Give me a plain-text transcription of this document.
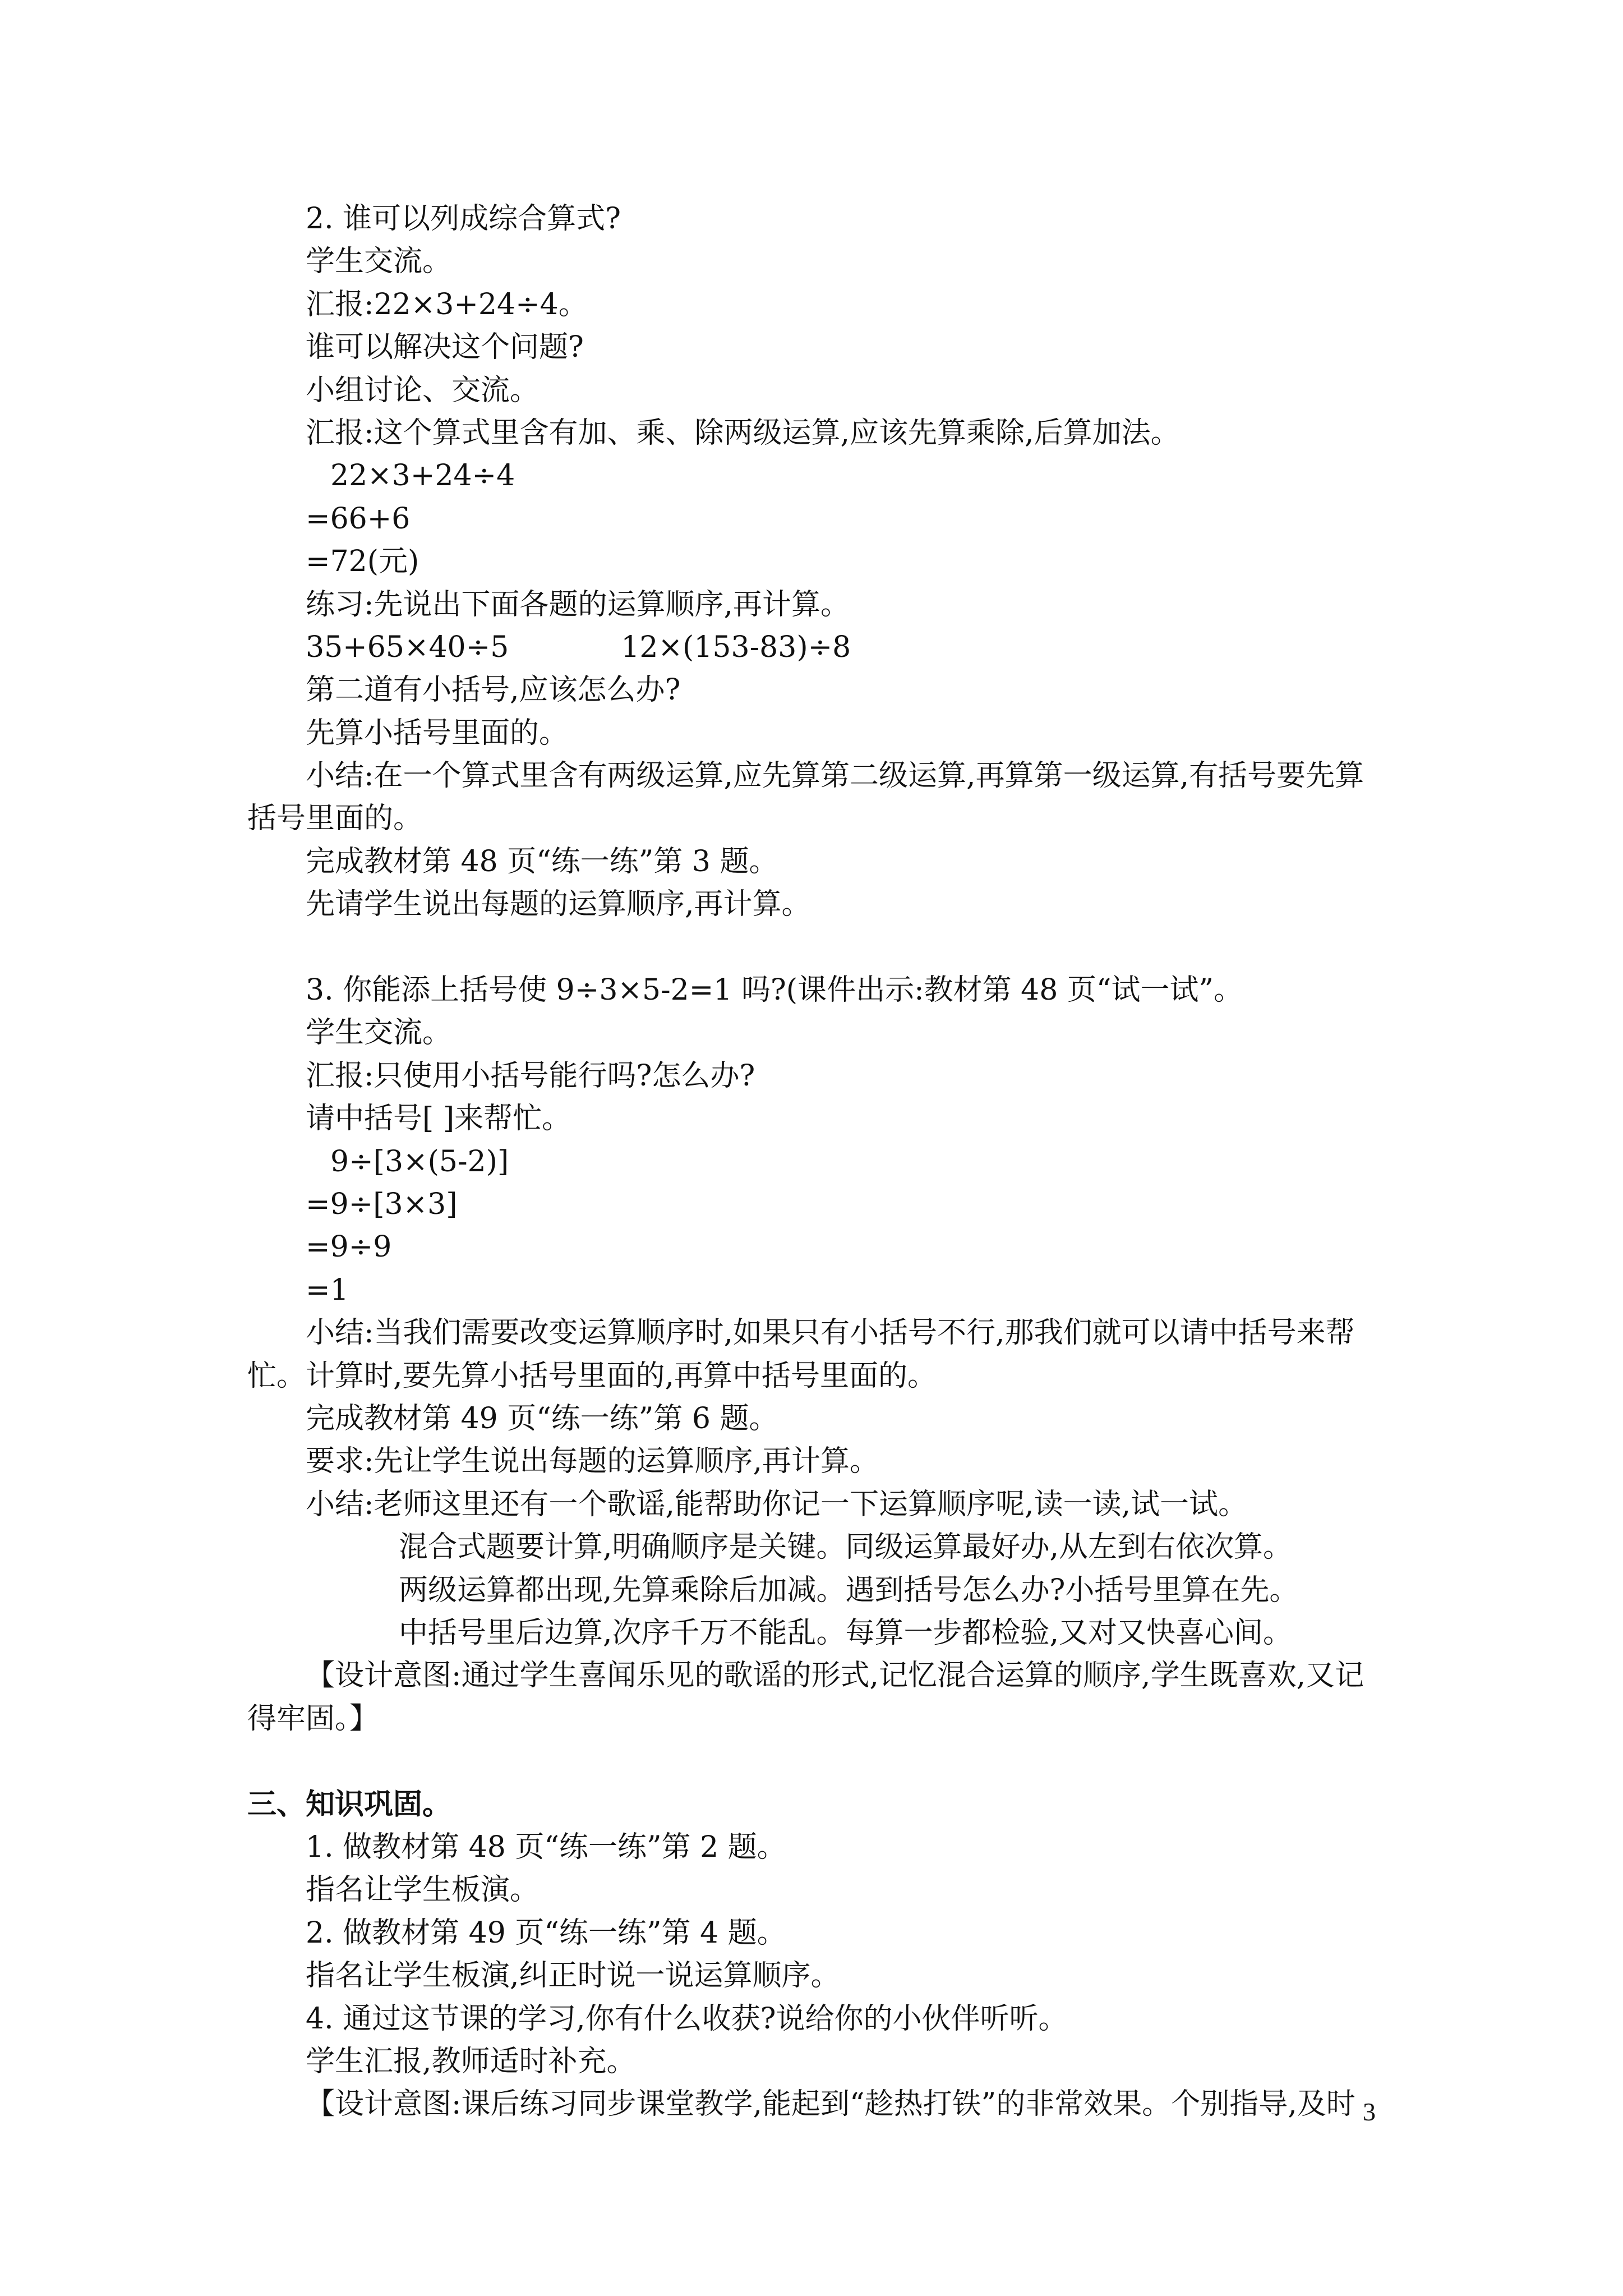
2. 谁可以列成综合算式?
学生交流。
汇报:22×3+24÷4。
谁可以解决这个问题?
小组讨论、交流。
汇报:这个算式里含有加、乘、除两级运算,应该先算乘除,后算加法。
22×3+24÷4
=66+6
=72(元)
练习:先说出下面各题的运算顺序,再计算。
35+65×40÷5	12×(153-83)÷8
第二道有小括号,应该怎么办?
先算小括号里面的。
小结:在一个算式里含有两级运算,应先算第二级运算,再算第一级运算,有括号要先算括号里面的。
完成教材第 48 页“练一练”第 3 题。
先请学生说出每题的运算顺序,再计算。
3. 你能添上括号使 9÷3×5-2=1 吗?(课件出示:教材第 48 页“试一试”。
学生交流。
汇报:只使用小括号能行吗?怎么办?
请中括号[ ]来帮忙。
9÷[3×(5-2)]
=9÷[3×3]
=9÷9
=1
小结:当我们需要改变运算顺序时,如果只有小括号不行,那我们就可以请中括号来帮忙。计算时,要先算小括号里面的,再算中括号里面的。
完成教材第 49 页“练一练”第 6 题。
要求:先让学生说出每题的运算顺序,再计算。
小结:老师这里还有一个歌谣,能帮助你记一下运算顺序呢,读一读,试一试。
混合式题要计算,明确顺序是关键。同级运算最好办,从左到右依次算。
两级运算都出现,先算乘除后加减。遇到括号怎么办?小括号里算在先。
中括号里后边算,次序千万不能乱。每算一步都检验,又对又快喜心间。
【设计意图:通过学生喜闻乐见的歌谣的形式,记忆混合运算的顺序,学生既喜欢,又记得牢固。】
三、知识巩固。
1. 做教材第 48 页“练一练”第 2 题。
指名让学生板演。
2. 做教材第 49 页“练一练”第 4 题。
指名让学生板演,纠正时说一说运算顺序。
4. 通过这节课的学习,你有什么收获?说给你的小伙伴听听。
学生汇报,教师适时补充。
【设计意图:课后练习同步课堂教学,能起到“趁热打铁”的非常效果。个别指导,及时 3
